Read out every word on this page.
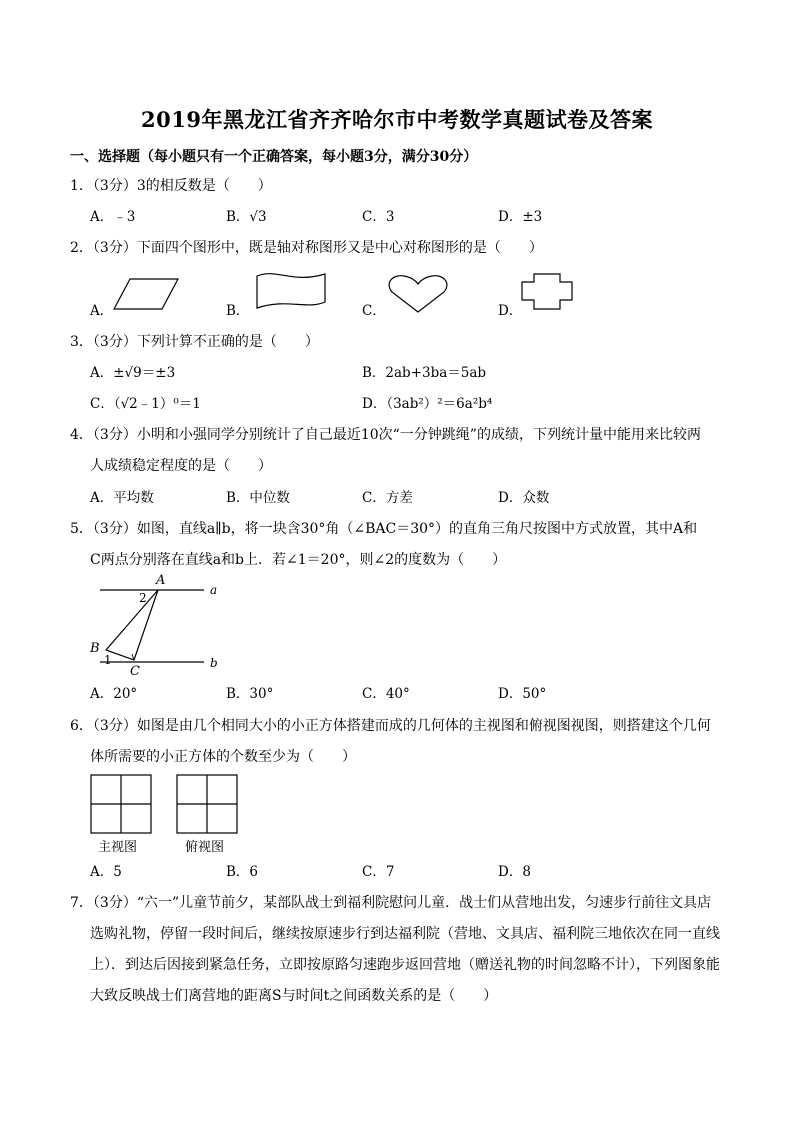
2019年黑龙江省齐齐哈尔市中考数学真题试卷及答案
一、选择题（每小题只有一个正确答案，每小题3分，满分30分）
1．（3分）3的相反数是（　　）
A．﹣3	B．√3	C．3	D．±3
2．（3分）下面四个图形中，既是轴对称图形又是中心对称图形的是（　　）
A．	B．	C．	D．
3．（3分）下列计算不正确的是（　　）
A．±√9＝±3	B．2ab+3ba＝5ab
C．（√2﹣1）⁰＝1	D．（3ab²）²＝6a²b⁴
4．（3分）小明和小强同学分别统计了自己最近10次“一分钟跳绳”的成绩，下列统计量中能用来比较两
人成绩稳定程度的是（　　）
A．平均数	B．中位数	C．方差	D．众数
5．（3分）如图，直线a∥b，将一块含30°角（∠BAC＝30°）的直角三角尺按图中方式放置，其中A和
C两点分别落在直线a和b上．若∠1＝20°，则∠2的度数为（　　）
A
B
C
a
b
2
1
A．20°	B．30°	C．40°	D．50°
6．（3分）如图是由几个相同大小的小正方体搭建而成的几何体的主视图和俯视图视图，则搭建这个几何
体所需要的小正方体的个数至少为（　　）
主视图	俯视图
A．5	B．6	C．7	D．8
7．（3分）“六一”儿童节前夕，某部队战士到福利院慰问儿童．战士们从营地出发，匀速步行前往文具店
选购礼物，停留一段时间后，继续按原速步行到达福利院（营地、文具店、福利院三地依次在同一直线
上）．到达后因接到紧急任务，立即按原路匀速跑步返回营地（赠送礼物的时间忽略不计），下列图象能
大致反映战士们离营地的距离S与时间t之间函数关系的是（　　）
